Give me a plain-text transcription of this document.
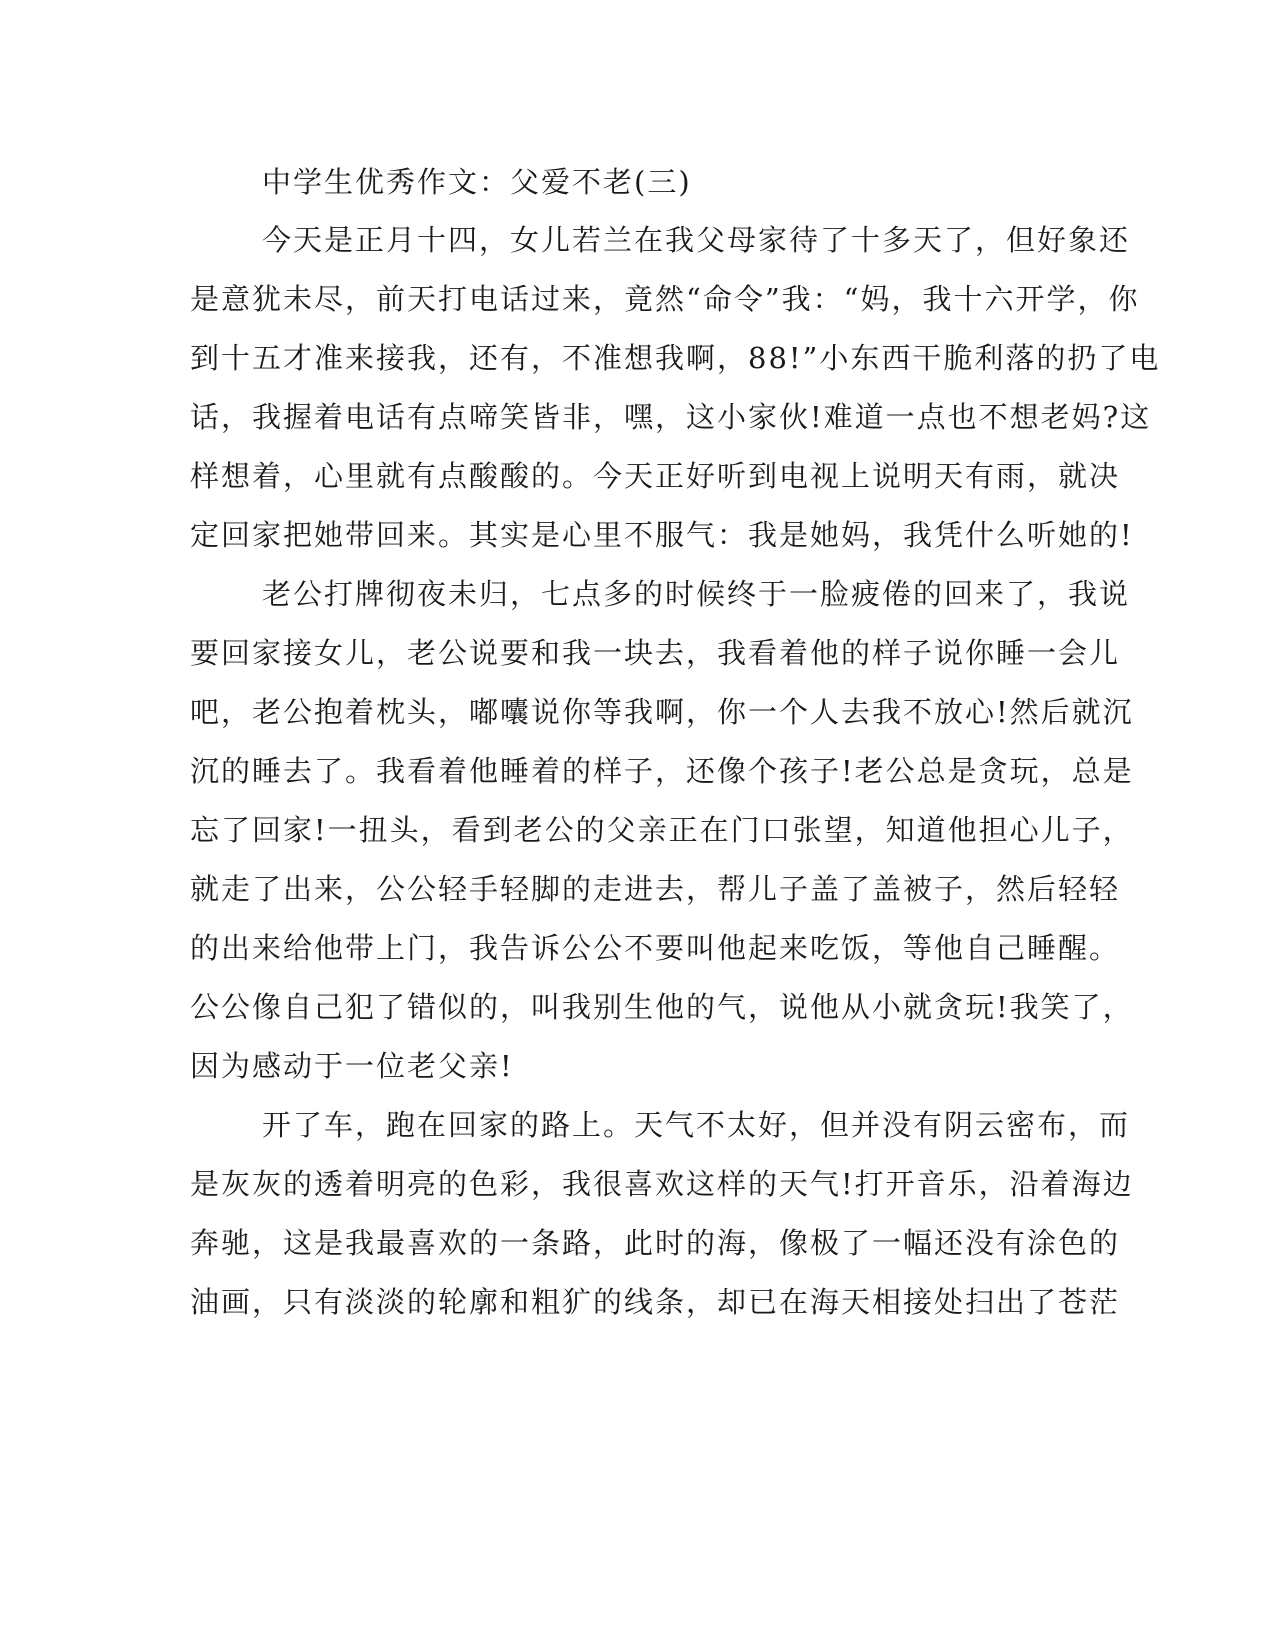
中学生优秀作文：父爱不老(三)
今天是正月十四，女儿若兰在我父母家待了十多天了，但好象还
是意犹未尽，前天打电话过来，竟然“命令”我：“妈，我十六开学，你
到十五才准来接我，还有，不准想我啊，88!”小东西干脆利落的扔了电
话，我握着电话有点啼笑皆非，嘿，这小家伙!难道一点也不想老妈?这
样想着，心里就有点酸酸的。今天正好听到电视上说明天有雨，就决
定回家把她带回来。其实是心里不服气：我是她妈，我凭什么听她的!
老公打牌彻夜未归，七点多的时候终于一脸疲倦的回来了，我说
要回家接女儿，老公说要和我一块去，我看着他的样子说你睡一会儿
吧，老公抱着枕头，嘟囔说你等我啊，你一个人去我不放心!然后就沉
沉的睡去了。我看着他睡着的样子，还像个孩子!老公总是贪玩，总是
忘了回家!一扭头，看到老公的父亲正在门口张望，知道他担心儿子，
就走了出来，公公轻手轻脚的走进去，帮儿子盖了盖被子，然后轻轻
的出来给他带上门，我告诉公公不要叫他起来吃饭，等他自己睡醒。
公公像自己犯了错似的，叫我别生他的气，说他从小就贪玩!我笑了，
因为感动于一位老父亲!
开了车，跑在回家的路上。天气不太好，但并没有阴云密布，而
是灰灰的透着明亮的色彩，我很喜欢这样的天气!打开音乐，沿着海边
奔驰，这是我最喜欢的一条路，此时的海，像极了一幅还没有涂色的
油画，只有淡淡的轮廓和粗犷的线条，却已在海天相接处扫出了苍茫
